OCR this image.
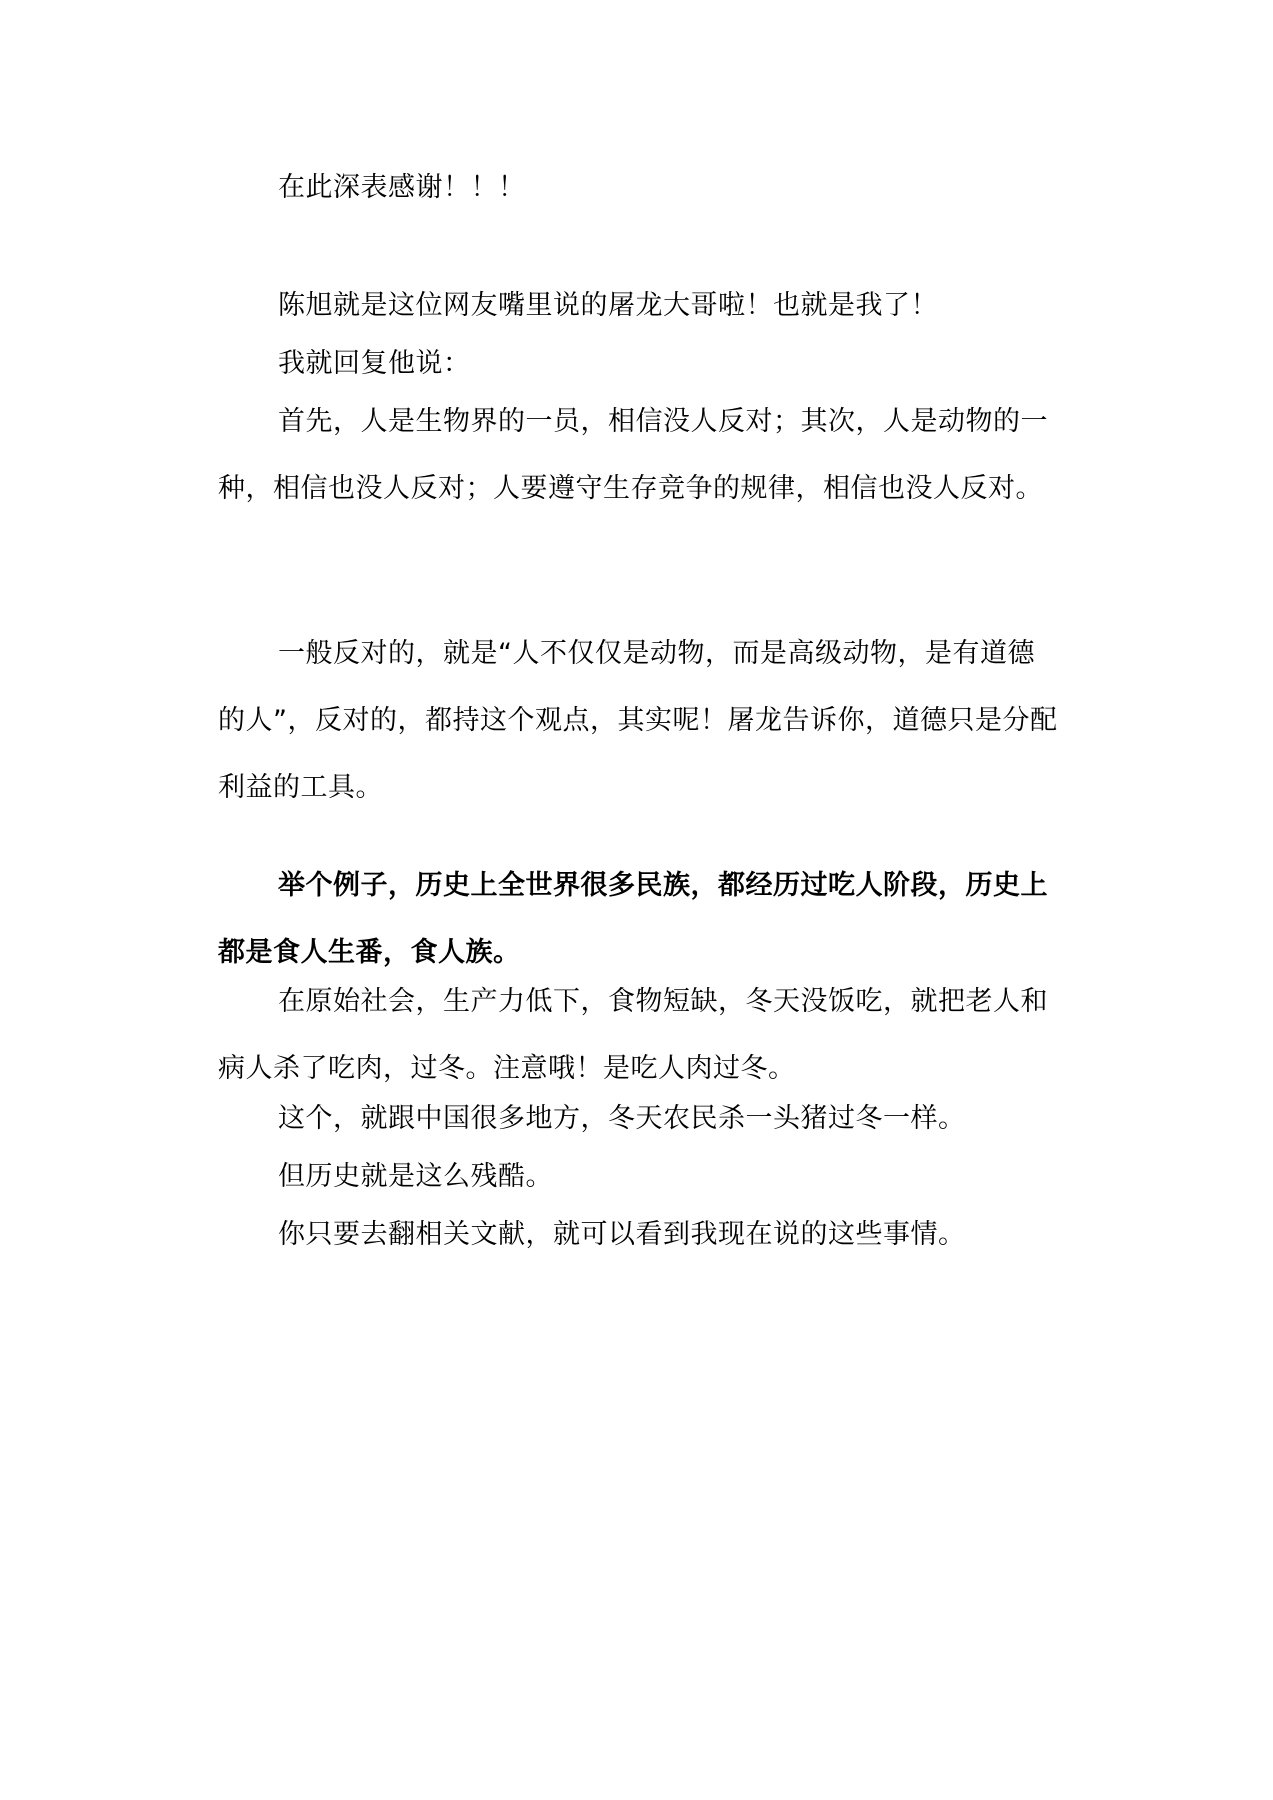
在此深表感谢！！！

陈旭就是这位网友嘴里说的屠龙大哥啦！也就是我了！

我就回复他说：

首先，人是生物界的一员，相信没人反对；其次，人是动物的一种，相信也没人反对；人要遵守生存竞争的规律，相信也没人反对。

一般反对的，就是“人不仅仅是动物，而是高级动物，是有道德的人”，反对的，都持这个观点，其实呢！屠龙告诉你，道德只是分配利益的工具。

举个例子，历史上全世界很多民族，都经历过吃人阶段，历史上都是食人生番，食人族。

在原始社会，生产力低下，食物短缺，冬天没饭吃，就把老人和病人杀了吃肉，过冬。注意哦！是吃人肉过冬。

这个，就跟中国很多地方，冬天农民杀一头猪过冬一样。

但历史就是这么残酷。

你只要去翻相关文献，就可以看到我现在说的这些事情。
